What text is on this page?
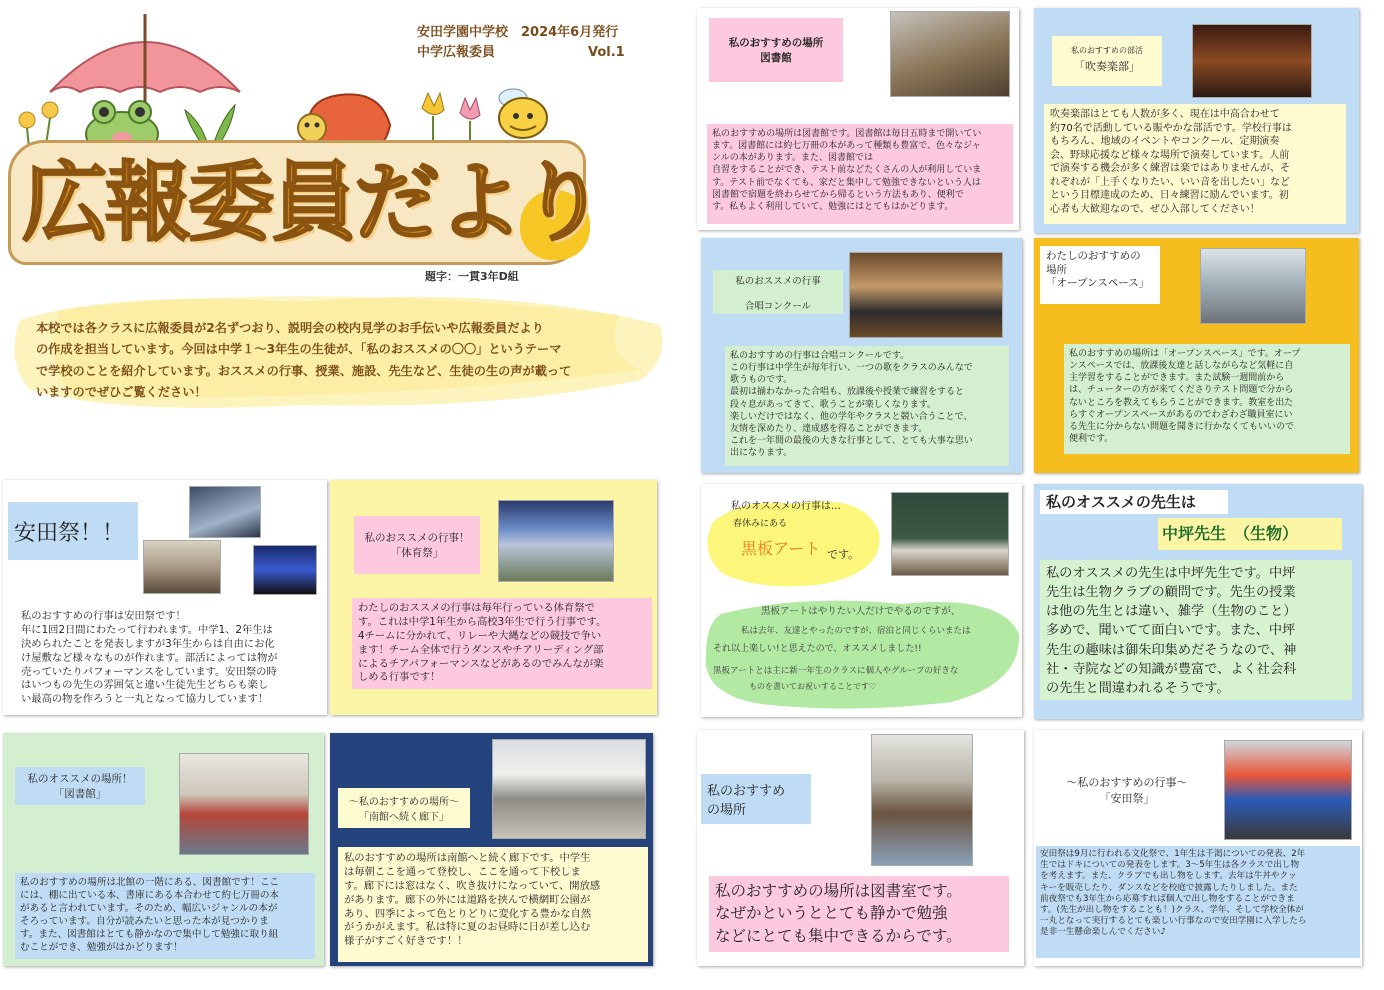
広報委員だより
安田学園中学校　2024年6月発行
中学広報委員	Vol.1
題字：一貫3年D組
本校では各クラスに広報委員が2名ずつおり、説明会の校内見学のお手伝いや広報委員だより
の作成を担当しています。今回は中学１～3年生の生徒が、「私のおススメの〇〇」というテーマ
で学校のことを紹介しています。おススメの行事、授業、施設、先生など、生徒の生の声が載って
いますのでぜひご覧ください！
安田祭！！
私のおすすめの行事は安田祭です！
年に1回2日間にわたって行われます。中学1、2年生は
決められたことを発表しますが3年生からは自由にお化
け屋敷など様々なものが作れます。部活によっては物が
売っていたりパフォーマンスをしています。安田祭の時
はいつもの先生の雰囲気と違い生徒先生どちらも楽し
い最高の物を作ろうと一丸となって協力しています！
私のおススメの行事！
「体育祭」
わたしのおススメの行事は毎年行っている体育祭で
す。これは中学1年生から高校3年生で行う行事です。
4チームに分かれて、リレーや大縄などの競技で争い
ます！チーム全体で行うダンスやチアリーディング部
によるチアパフォーマンスなどがあるのでみんなが楽
しめる行事です！
私のオススメの場所！
「図書館」
私のおすすめの場所は北館の一階にある、図書館です！ここ
には、棚に出ている本、書庫にある本合わせて約七万冊の本
があると言われています。そのため、幅広いジャンルの本が
そろっています。自分が読みたいと思った本が見つかりま
す。また、図書館はとても静かなので集中して勉強に取り組
むことができ、勉強がはかどります！
～私のおすすめの場所～
「南館へ続く廊下」
私のおすすめの場所は南館へと続く廊下です。中学生
は毎朝ここを通って登校し、ここを通って下校しま
す。廊下には窓はなく、吹き抜けになっていて、開放感
があります。廊下の外には道路を挟んで横網町公園が
あり、四季によって色とりどりに変化する豊かな自然
がうかがえます。私は特に夏のお昼時に日が差し込む
様子がすごく好きです！！
私のおすすめの場所
図書館
私のおすすめの場所は図書館です。図書館は毎日五時まで開いてい
ます。図書館には約七万冊の本があって種類も豊富で、色々なジャ
ンルの本があります。また、図書館では
自習をすることができ、テスト前などたくさんの人が利用していま
す。テスト前でなくても、家だと集中して勉強できないという人は
図書館で宿題を終わらせてから帰るという方法もあり、便利で
す。私もよく利用していて、勉強にはとてもはかどります。
私のおすすめの部活
「吹奏楽部」
吹奏楽部はとても人数が多く、現在は中高合わせて
約70名で活動している賑やかな部活です。学校行事は
もちろん、地域のイベントやコンクール、定期演奏
会、野球応援など様々な場所で演奏しています。人前
で演奏する機会が多く練習は楽ではありませんが、そ
れぞれが「上手くなりたい、いい音を出したい」など
という目標達成のため、日々練習に励んでいます。初
心者も大歓迎なので、ぜひ入部してください！
私のおススメの行事

合唱コンクール
私のおすすめの行事は合唱コンクールです。
この行事は中学生が毎年行い、一つの歌をクラスのみんなで
歌うものです。
最初は揃わなかった合唱も、放課後や授業で練習をすると
段々息があってきて、歌うことが楽しくなります。
楽しいだけではなく、他の学年やクラスと競い合うことで、
友情を深めたり、達成感を得ることができます。
これを一年間の最後の大きな行事として、とても大事な思い
出になります。
わたしのおすすめの
場所
「オープンスペース」
私のおすすめの場所は「オープンスペース」です。オープ
ンスペースでは、放課後友達と話しながらなど気軽に自
主学習をすることができます。また試験一週間前から
は、チューターの方が来てくださりテスト問題で分から
ないところを教えてもらうことができます。教室を出た
らすぐオープンスペースがあるのでわざわざ職員室にい
る先生に分からない問題を聞きに行かなくてもいいので
便利です。
私のオススメの行事は…
春休みにある
黒板アート です。
黒板アートはやりたい人だけでやるのですが、
私は去年、友達とやったのですが、宿泊と同じくらいまたは
それ以上楽しい!と思えたので、オススメしました!!
黒板アートとは主に新一年生のクラスに個人やグループの好きな
ものを書いてお祝いすることです♡
私のオススメの先生は
中坪先生 （生物）
私のオススメの先生は中坪先生です。中坪
先生は生物クラブの顧問です。先生の授業
は他の先生とは違い、雑学（生物のこと）
多めで、聞いてて面白いです。また、中坪
先生の趣味は御朱印集めだそうなので、神
社・寺院などの知識が豊富で、よく社会科
の先生と間違われるそうです。
私のおすすめ
の場所
私のおすすめの場所は図書室です。
なぜかというととても静かで勉強
などにとても集中できるからです。
～私のおすすめの行事～
「安田祭」
安田祭は9月に行われる文化祭で、1年生は千渇についての発表、2年
生ではドキについての発表をします。3～5年生は各クラスで出し物
を考えます。また、クラブでも出し物をします。去年は牛丼やクッ
キーを販売したり、ダンスなどを校庭で披露したりしました。また
前夜祭でも3年生から応募すれば個人で出し物をすることができま
す。(先生が出し物をすることも！)クラス、学年、そして学校全体が
一丸となって実行するとても楽しい行事なので安田学園に入学したら
是非一生懸命楽しんでください♪
